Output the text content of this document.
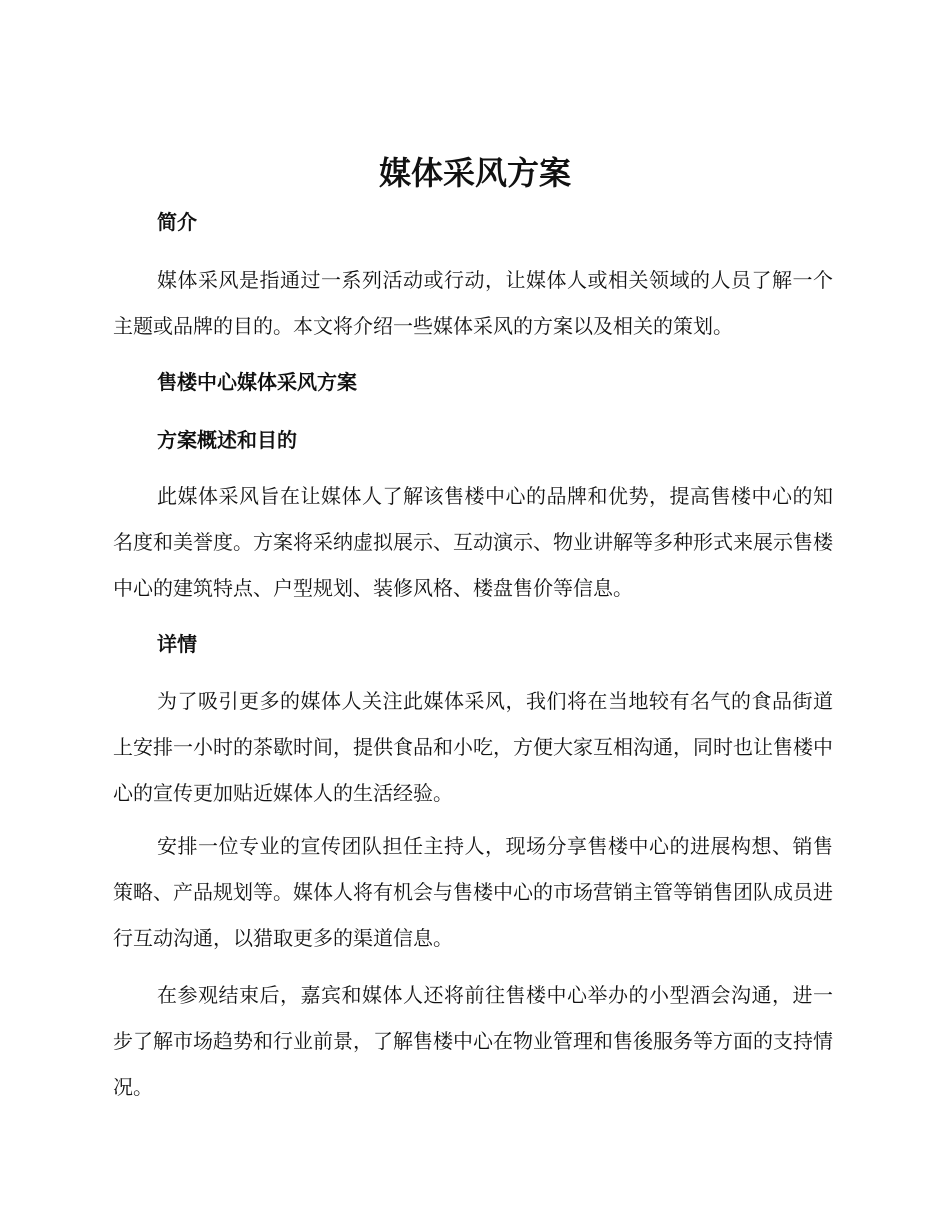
媒体采风方案
简介

媒体采风是指通过一系列活动或行动，让媒体人或相关领域的人员了解一个主题或品牌的目的。本文将介绍一些媒体采风的方案以及相关的策划。

售楼中心媒体采风方案
方案概述和目的

此媒体采风旨在让媒体人了解该售楼中心的品牌和优势，提高售楼中心的知名度和美誉度。方案将采纳虚拟展示、互动演示、物业讲解等多种形式来展示售楼中心的建筑特点、户型规划、装修风格、楼盘售价等信息。

详情

为了吸引更多的媒体人关注此媒体采风，我们将在当地较有名气的食品街道上安排一小时的茶歇时间，提供食品和小吃，方便大家互相沟通，同时也让售楼中心的宣传更加贴近媒体人的生活经验。

安排一位专业的宣传团队担任主持人，现场分享售楼中心的进展构想、销售策略、产品规划等。媒体人将有机会与售楼中心的市场营销主管等销售团队成员进行互动沟通，以猎取更多的渠道信息。

在参观结束后，嘉宾和媒体人还将前往售楼中心举办的小型酒会沟通，进一步了解市场趋势和行业前景，了解售楼中心在物业管理和售後服务等方面的支持情况。
